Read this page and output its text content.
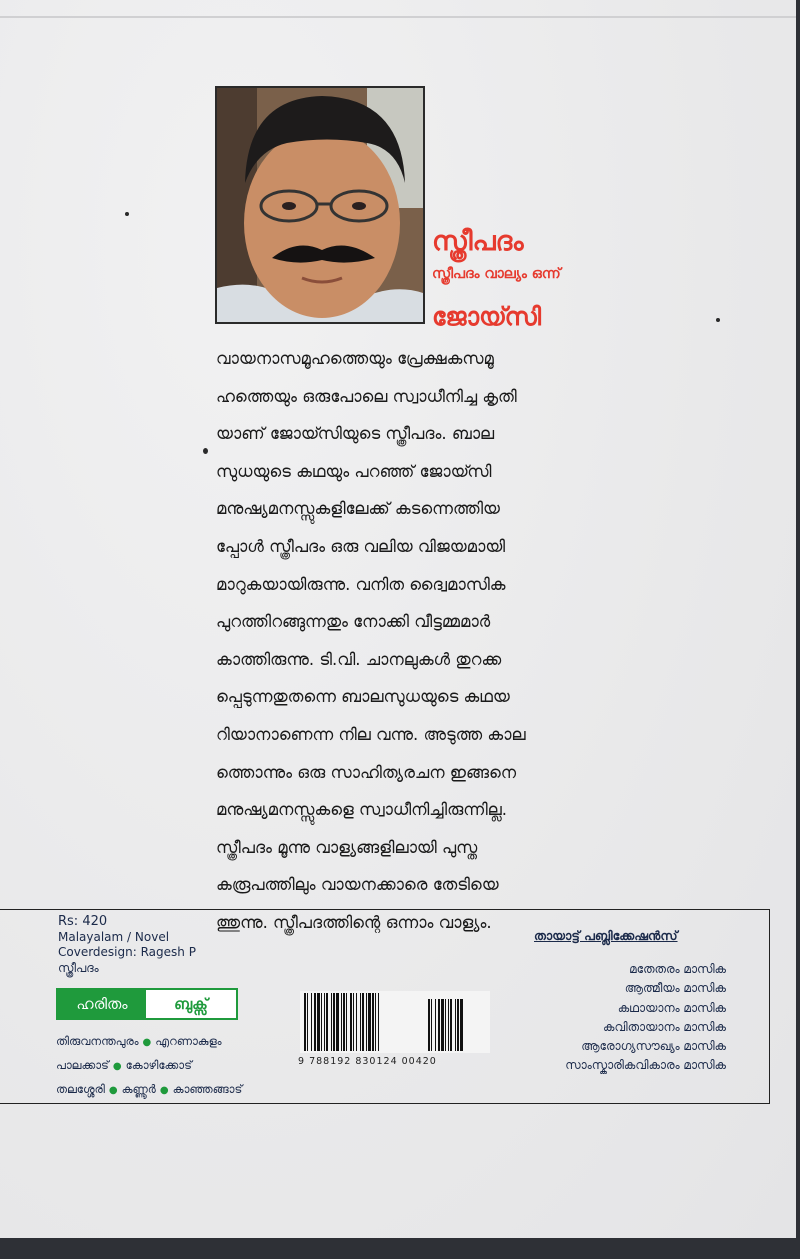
സ്ത്രീപദം
സ്ത്രീപദം വാല്യം ഒന്ന്
ജോയ്സി
വായനാസമൂഹത്തെയും പ്രേക്ഷകസമൂ
ഹത്തെയും ഒരുപോലെ സ്വാധീനിച്ച കൃതി
യാണ് ജോയ്സിയുടെ സ്ത്രീപദം. ബാല
സുധയുടെ കഥയും പറഞ്ഞ് ജോയ്സി
മനുഷ്യമനസ്സുകളിലേക്ക് കടന്നെത്തിയ
പ്പോൾ സ്ത്രീപദം ഒരു വലിയ വിജയമായി
മാറുകയായിരുന്നു. വനിത ദ്വൈമാസിക
പുറത്തിറങ്ങുന്നതും നോക്കി വീട്ടമ്മമാർ
കാത്തിരുന്നു. ടി.വി. ചാനലുകൾ തുറക്ക
പ്പെടുന്നതുതന്നെ ബാലസുധയുടെ കഥയ
റിയാനാണെന്ന നില വന്നു. അടുത്ത കാല
ത്തൊന്നും ഒരു സാഹിത്യരചന ഇങ്ങനെ
മനുഷ്യമനസ്സുകളെ സ്വാധീനിച്ചിരുന്നില്ല.
സ്ത്രീപദം മൂന്നു വാള്യങ്ങളിലായി പുസ്ത
കരൂപത്തിലും വായനക്കാരെ തേടിയെ
ത്തുന്നു. സ്ത്രീപദത്തിന്റെ ഒന്നാം വാള്യം.
Rs: 420
Malayalam / Novel
Coverdesign: Ragesh P
സ്ത്രീപദം
ഹരിതം	ബുക്സ്
തിരുവനന്തപുരം ● എറണാകുളം
പാലക്കാട് ● കോഴിക്കോട്
തലശ്ശേരി ● കണ്ണൂർ ● കാഞ്ഞങ്ങാട്
9 788192 830124 00420
തായാട്ട് പബ്ലിക്കേഷൻസ്
മതേതരം മാസിക
ആത്മീയം മാസിക
കഥായാനം മാസിക
കവിതായാനം മാസിക
ആരോഗ്യസൗഖ്യം മാസിക
സാംസ്കാരികവികാരം മാസിക
